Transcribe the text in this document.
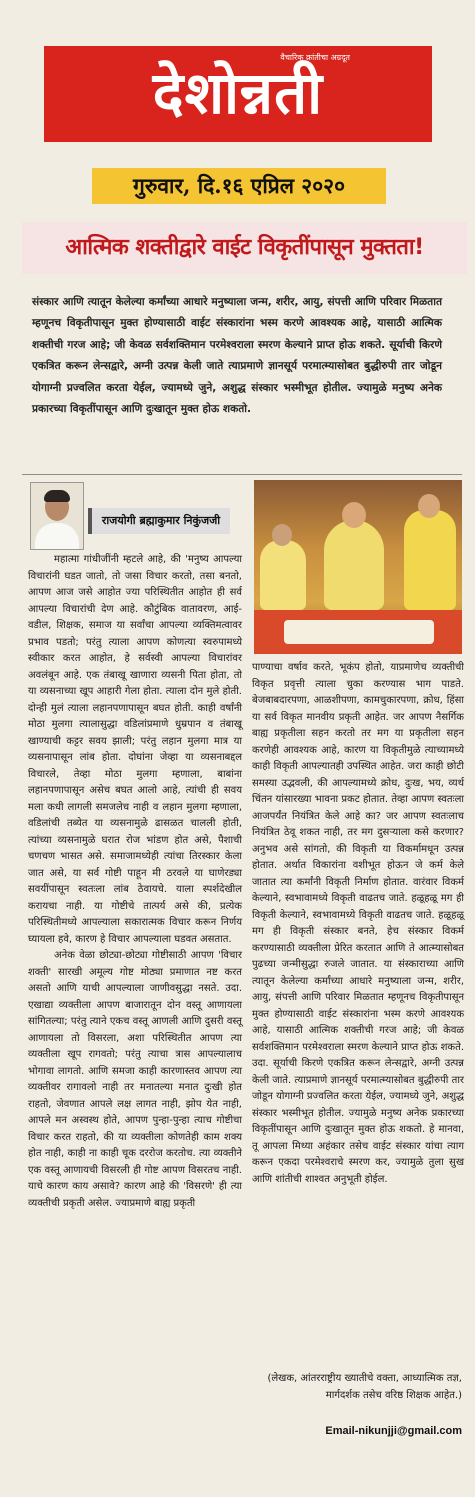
वैचारिक क्रांतीचा अग्रदूत
देशोन्नती
गुरुवार, दि.१६ एप्रिल २०२०
आत्मिक शक्तीद्वारे वाईट विकृतींपासून मुक्तता!
संस्कार आणि त्यातून केलेल्या कर्मांच्या आधारे मनुष्याला जन्म, शरीर, आयु, संपत्ती आणि परिवार मिळतात म्हणूनच विकृतीपासून मुक्त होण्यासाठी वाईट संस्कारांना भस्म करणे आवश्यक आहे, यासाठी आत्मिक शक्तीची गरज आहे; जी केवळ सर्वशक्तिमान परमेश्वराला स्मरण केल्याने प्राप्त होऊ शकते. सूर्याची किरणे एकत्रित करून लेन्सद्वारे, अग्नी उत्पन्न केली जाते त्याप्रमाणे ज्ञानसूर्य परमात्म्यासोबत बुद्धीरुपी तार जोडून योगाग्नी प्रज्वलित करता येईल, ज्यामध्ये जुने, अशुद्ध संस्कार भस्मीभूत होतील. ज्यामुळे मनुष्य अनेक प्रकारच्या विकृतींपासून आणि दुःखातून मुक्त होऊ शकतो.
राजयोगी ब्रह्माकुमार निकुंजजी

महात्मा गांधीजींनी म्हटले आहे, की 'मनुष्य आपल्या विचारांनी घडत जातो, तो जसा विचार करतो, तसा बनतो, आपण आज जसे आहोत ज्या परिस्थितीत आहोत ही सर्व आपल्या विचारांची देण आहे. कौटुंबिक वातावरण, आई-वडील, शिक्षक, समाज या सर्वांचा आपल्या व्यक्तिमत्वावर प्रभाव पडतो; परंतु त्याला आपण कोणत्या स्वरुपामध्ये स्वीकार करत आहोत, हे सर्वस्वी आपल्या विचारांवर अवलंबून आहे. एक तंबाखू खाणारा व्यसनी पिता होता, तो या व्यसनाच्या खूप आहारी गेला होता. त्याला दोन मुले होती. दोन्ही मुलं त्याला लहानपणापासून बघत होती. काही वर्षांनी मोठा मुलगा त्यालासुद्धा वडिलांप्रमाणे धुम्रपान व तंबाखू खाण्याची कट्टर सवय झाली; परंतु लहान मुलगा मात्र या व्यसनापासून लांब होता. दोघांना जेव्हा या व्यसनाबद्दल विचारले, तेव्हा मोठा मुलगा म्हणाला, बाबांना लहानपणापासून असेच बघत आलो आहे, त्यांची ही सवय मला कधी लागली समजलेच नाही व लहान मुलगा म्हणाला, वडिलांची तब्येत या व्यसनामुळे ढासळत चालली होती, त्यांच्या व्यसनामुळे घरात रोज भांडण होत असे, पैशाची चणचण भासत असे. समाजामध्येही त्यांचा तिरस्कार केला जात असे, या सर्व गोष्टी पाहून मी ठरवले या घाणेरड्या सवयींपासून स्वतःला लांब ठेवायचे. याला स्पर्शदेखील करायचा नाही. या गोष्टीचे तात्पर्य असे की, प्रत्येक परिस्थितीमध्ये आपल्याला सकारात्मक विचार करून निर्णय घ्यायला हवे, कारण हे विचार आपल्याला घडवत असतात.

अनेक वेळा छोट्या-छोट्या गोष्टीसाठी आपण 'विचार शक्ती' सारखी अमूल्य गोष्ट मोठ्या प्रमाणात नष्ट करत असतो आणि याची आपल्याला जाणीवसुद्धा नसते. उदा. एखाद्या व्यक्तीला आपण बाजारातून दोन वस्तू आणायला सांगितल्या; परंतु त्याने एकच वस्तू आणली आणि दुसरी वस्तू आणायला तो विसरला, अशा परिस्थितीत आपण त्या व्यक्तीला खूप रागवतो; परंतु त्याचा त्रास आपल्यालाच भोगावा लागतो. आणि समजा काही कारणास्तव आपण त्या व्यक्तीवर रागावलो नाही तर मनातल्या मनात दुःखी होत राहतो, जेवणात आपले लक्ष लागत नाही, झोप येत नाही, आपले मन अस्वस्थ होते, आपण पुन्हा-पुन्हा त्याच गोष्टीचा विचार करत राहतो, की या व्यक्तीला कोणतेही काम शक्य होत नाही, काही ना काही चूक दररोज करतोच. त्या व्यक्तीने एक वस्तू आणायची विसरली ही गोष्ट आपण विसरतच नाही. याचे कारण काय असावे? कारण आहे की 'विसरणे' ही त्या व्यक्तीची प्रकृती असेल. ज्याप्रमाणे बाह्य प्रकृती

पाण्याचा वर्षाव करते, भूकंप होतो, याप्रमाणेच व्यक्तीची विकृत प्रवृत्ती त्याला चुका करण्यास भाग पाडते. बेजबाबदारपणा, आळशीपणा, कामचुकारपणा, क्रोध, हिंसा या सर्व विकृत मानवीय प्रकृती आहेत. जर आपण नैसर्गिक बाह्य प्रकृतीला सहन करतो तर मग या प्रकृतीला सहन करणेही आवश्यक आहे, कारण या विकृतीमुळे त्याच्यामध्ये काही विकृती आपल्यातही उपस्थित आहेत. जरा काही छोटी समस्या उद्भवली, की आपल्यामध्ये क्रोध, दुःख, भय, व्यर्थ चिंतन यांसारख्या भावना प्रकट होतात. तेव्हा आपण स्वतःला आजपर्यंत नियंत्रित केले आहे का? जर आपण स्वतःलाच नियंत्रित ठेवू शकत नाही, तर मग दुसऱ्याला कसे करणार? अनुभव असे सांगतो, की विकृती या विकर्मामधून उत्पन्न होतात. अर्थात विकारांना वशीभूत होऊन जे कर्म केले जातात त्या कर्मांनी विकृती निर्माण होतात. वारंवार विकर्म केल्याने, स्वभावामध्ये विकृती वाढतच जाते. हळूहळू मग ही विकृती केल्याने, स्वभावामध्ये विकृती वाढतच जाते. हळूहळू मग ही विकृती संस्कार बनते, हेच संस्कार विकर्म करण्यासाठी व्यक्तीला प्रेरित करतात आणि ते आत्म्यासोबत पुढच्या जन्मीसुद्धा रुजले जातात. या संस्काराच्या आणि त्यातून केलेल्या कर्मांच्या आधारे मनुष्याला जन्म, शरीर, आयु, संपत्ती आणि परिवार मिळतात म्हणूनच विकृतीपासून मुक्त होण्यासाठी वाईट संस्कारांना भस्म करणे आवश्यक आहे, यासाठी आत्मिक शक्तीची गरज आहे; जी केवळ सर्वशक्तिमान परमेश्वराला स्मरण केल्याने प्राप्त होऊ शकते. उदा. सूर्याची किरणे एकत्रित करून लेन्सद्वारे, अग्नी उत्पन्न केली जाते. त्याप्रमाणे ज्ञानसूर्य परमात्म्यासोबत बुद्धीरुपी तार जोडून योगाग्नी प्रज्वलित करता येईल, ज्यामध्ये जुने, अशुद्ध संस्कार भस्मीभूत होतील. ज्यामुळे मनुष्य अनेक प्रकारच्या विकृतींपासून आणि दुःखातून मुक्त होऊ शकतो. हे मानवा, तू आपला मिथ्या अहंकार तसेच वाईट संस्कार यांचा त्याग करून एकदा परमेश्वराचे स्मरण कर, ज्यामुळे तुला सुख आणि शांतीची शाश्वत अनुभूती होईल.

(लेखक, आंतरराष्ट्रीय ख्यातीचे वक्ता, आध्यात्मिक तज्ञ, मार्गदर्शक तसेच वरिष्ठ शिक्षक आहेत.)
Email-nikunjji@gmail.com
